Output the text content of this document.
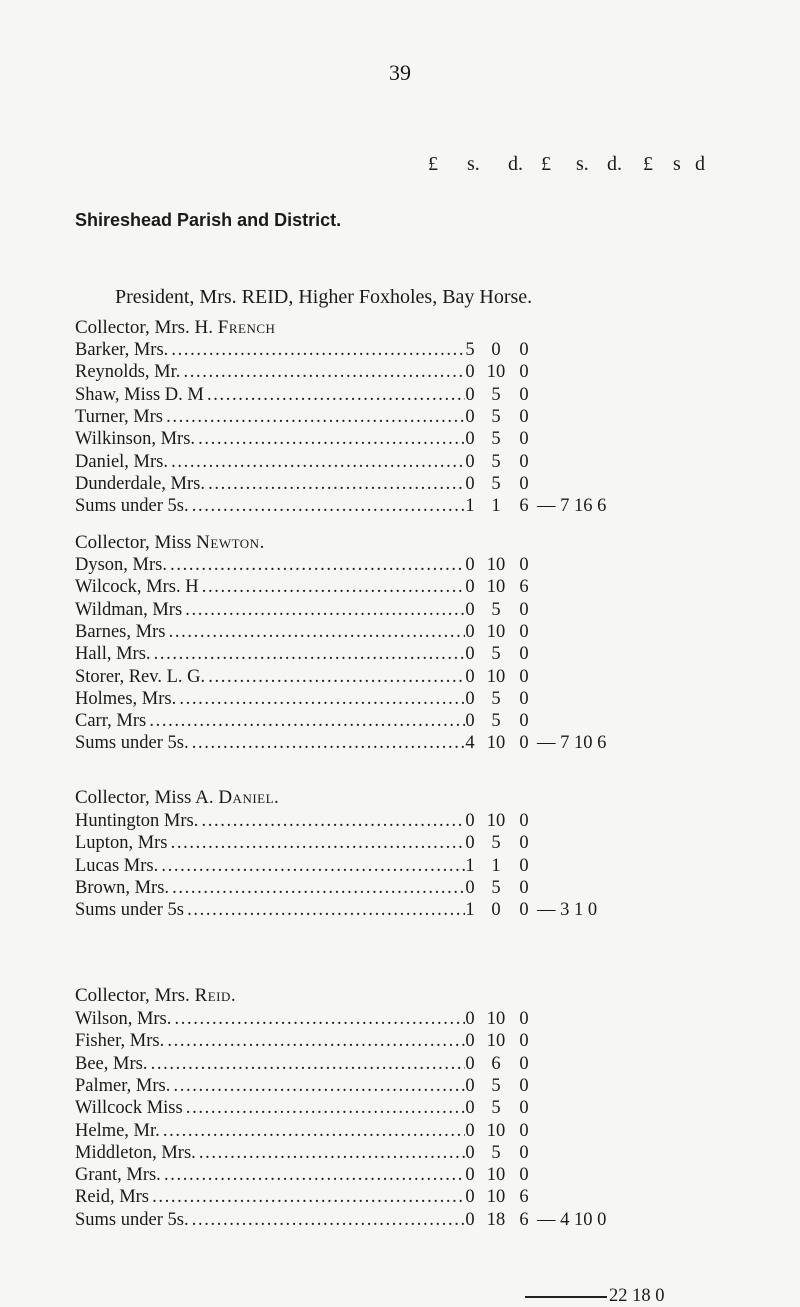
39
£ s. d. £ s. d. £ s d
Shireshead Parish and District.
President, Mrs. REID, Higher Foxholes, Bay Horse.
Collector, Mrs. H. French
Barker, Mrs. . . .	5 0	0
Reynolds, Mr. . . .	0 10 0
Shaw, Miss D. M . . .	0 5	0
Turner, Mrs . . .	0 5	0
Wilkinson, Mrs. . . .	0 5	0
Daniel, Mrs. . . .	0 5	0
Dunderdale, Mrs. . . .	0 5	0
Sums under 5s. . . .	1 1	6 — 7 16 6
Collector, Miss Newton.
Dyson, Mrs. . . .	0 10 0
Wilcock, Mrs. H . . .	0 10 6
Wildman, Mrs . . .	0 5	0
Barnes, Mrs . . .	0 10 0
Hall, Mrs. . . .	0 5	0
Storer, Rev. L. G. . . .	0 10 0
Holmes, Mrs. . . .	0 5	0
Carr, Mrs . . .	0 5	0
Sums under 5s. . . .	4 10 0 — 7 10 6
Collector, Miss A. Daniel.
Huntington Mrs. . . .	0 10 0
Lupton, Mrs . . .	0 5	0
Lucas Mrs. . . .	1 1	0
Brown, Mrs. . . .	0 5	0
Sums under 5s . . .	1 0	0 — 3 1 0
Collector, Mrs. Reid.
Wilson, Mrs. . . .	0 10 0
Fisher, Mrs. . . .	0 10 0
Bee, Mrs. . . .	0 6	0
Palmer, Mrs. . . .	0 5	0
Willcock Miss . . .	0 5	0
Helme, Mr. . . .	0 10 0
Middleton, Mrs. . . .	0 5	0
Grant, Mrs. . . .	0 10 0
Reid, Mrs . . .	0 10 6
Sums under 5s. . . .	0 18 6 — 4 10 0
22 18 0
